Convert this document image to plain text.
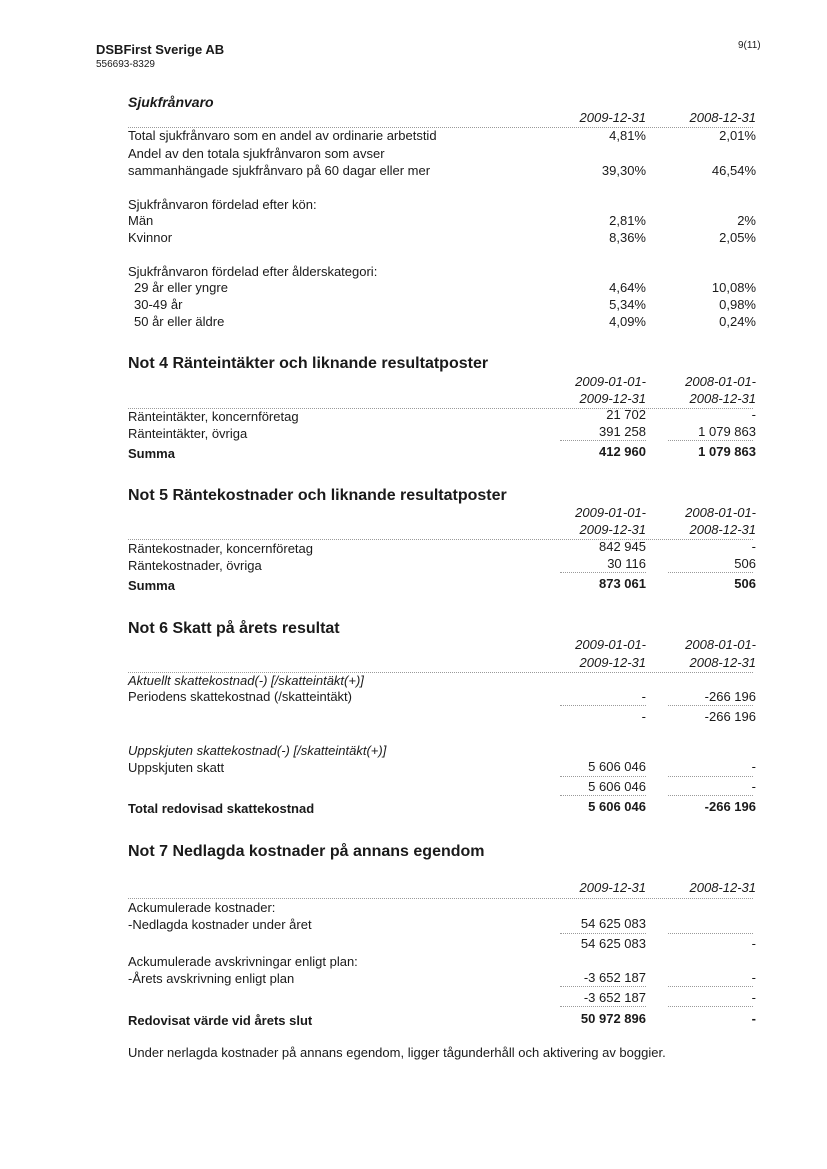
DSBFirst Sverige AB
556693-8329
9(11)
Sjukfrånvaro
2009-12-31	2008-12-31
Total sjukfrånvaro som en andel av ordinarie arbetstid	4,81%	2,01%
Andel av den totala sjukfrånvaron som avser
sammanhängade sjukfrånvaro på 60 dagar eller mer	39,30%	46,54%
Sjukfrånvaron fördelad efter kön:
Män	2,81%	2%
Kvinnor	8,36%	2,05%
Sjukfrånvaron fördelad efter ålderskategori:
29 år eller yngre	4,64%	10,08%
30-49 år	5,34%	0,98%
50 år eller äldre	4,09%	0,24%
Not 4 Ränteintäkter och liknande resultatposter
2009-01-01-	2008-01-01-
2009-12-31	2008-12-31
Ränteintäkter, koncernföretag	21 702	-
Ränteintäkter, övriga	391 258	1 079 863
Summa	412 960	1 079 863
Not 5 Räntekostnader och liknande resultatposter
2009-01-01-	2008-01-01-
2009-12-31	2008-12-31
Räntekostnader, koncernföretag	842 945	-
Räntekostnader, övriga	30 116	506
Summa	873 061	506
Not 6 Skatt på årets resultat
2009-01-01-	2008-01-01-
2009-12-31	2008-12-31
Aktuellt skattekostnad(-) [/skatteintäkt(+)]
Periodens skattekostnad (/skatteintäkt)	-	-266 196
-	-266 196
Uppskjuten skattekostnad(-) [/skatteintäkt(+)]
Uppskjuten skatt	5 606 046	-
5 606 046	-
Total redovisad skattekostnad	5 606 046	-266 196
Not 7 Nedlagda kostnader på annans egendom
2009-12-31	2008-12-31
Ackumulerade kostnader:
-Nedlagda kostnader under året	54 625 083
54 625 083	-
Ackumulerade avskrivningar enligt plan:
-Årets avskrivning enligt plan	-3 652 187	-
-3 652 187	-
Redovisat värde vid årets slut	50 972 896	-
Under nerlagda kostnader på annans egendom, ligger tågunderhåll och aktivering av boggier.
